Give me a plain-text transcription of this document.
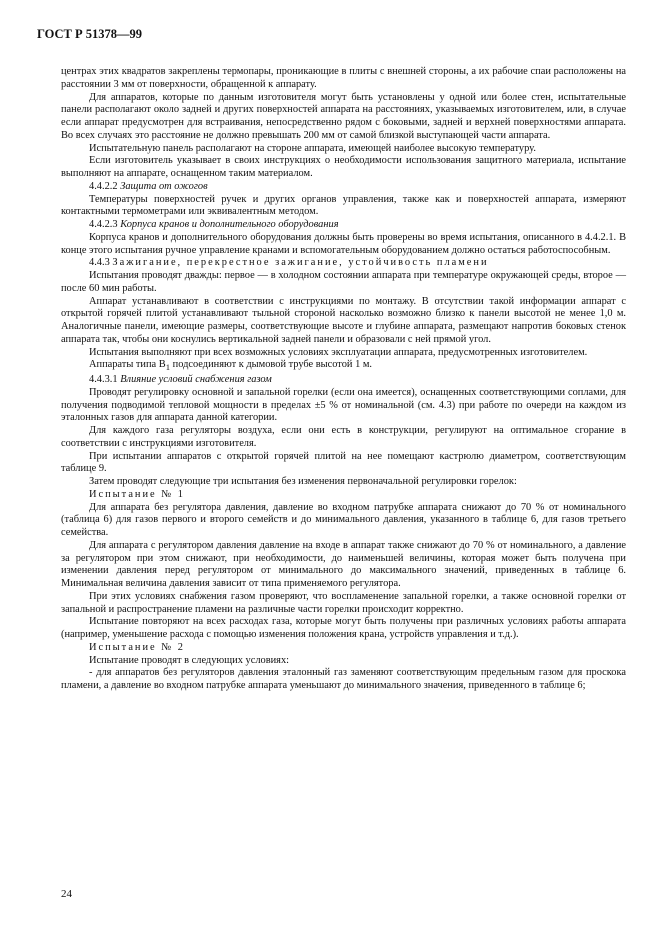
ГОСТ Р 51378—99

центрах этих квадратов закреплены термопары, проникающие в плиты с внешней стороны, а их рабочие спаи расположены на расстоянии 3 мм от поверхности, обращенной к аппарату.

Для аппаратов, которые по данным изготовителя могут быть установлены у одной или более стен, испытательные панели располагают около задней и других поверхностей аппарата на расстояниях, указываемых изготовителем, или, в случае если аппарат предусмотрен для встраивания, непосредственно рядом с боковыми, задней и верхней поверхностями аппарата. Во всех случаях это расстояние не должно превышать 200 мм от самой близкой выступающей части аппарата.

Испытательную панель располагают на стороне аппарата, имеющей наиболее высокую температуру.

Если изготовитель указывает в своих инструкциях о необходимости использования защитного материала, испытание выполняют на аппарате, оснащенном таким материалом.

4.4.2.2 Защита от ожогов

Температуры поверхностей ручек и других органов управления, также как и поверхностей аппарата, измеряют контактными термометрами или эквивалентным методом.

4.4.2.3 Корпуса кранов и дополнительного оборудования

Корпуса кранов и дополнительного оборудования должны быть проверены во время испытания, описанного в 4.4.2.1. В конце этого испытания ручное управление кранами и вспомогательным оборудованием должно остаться работоспособным.

4.4.3 Зажигание, перекрестное зажигание, устойчивость пламени

Испытания проводят дважды: первое — в холодном состоянии аппарата при температуре окружающей среды, второе — после 60 мин работы.

Аппарат устанавливают в соответствии с инструкциями по монтажу. В отсутствии такой информации аппарат с открытой горячей плитой устанавливают тыльной стороной насколько возможно близко к панели высотой не менее 1,0 м. Аналогичные панели, имеющие размеры, соответствующие высоте и глубине аппарата, размещают напротив боковых стенок аппарата так, чтобы они коснулись вертикальной задней панели и образовали с ней прямой угол.

Испытания выполняют при всех возможных условиях эксплуатации аппарата, предусмотренных изготовителем.

Аппараты типа $B_1$ подсоединяют к дымовой трубе высотой 1 м.

4.4.3.1 Влияние условий снабжения газом

Проводят регулировку основной и запальной горелки (если она имеется), оснащенных соответствующими соплами, для получения подводимой тепловой мощности в пределах ±5 % от номинальной (см. 4.3) при работе по очереди на каждом из эталонных газов для аппарата данной категории.

Для каждого газа регуляторы воздуха, если они есть в конструкции, регулируют на оптимальное сгорание в соответствии с инструкциями изготовителя.

При испытании аппаратов с открытой горячей плитой на нее помещают кастрюлю диаметром, соответствующим таблице 9.

Затем проводят следующие три испытания без изменения первоначальной регулировки горелок:

Испытание № 1

Для аппарата без регулятора давления, давление во входном патрубке аппарата снижают до 70 % от номинального (таблица 6) для газов первого и второго семейств и до минимального давления, указанного в таблице 6, для газов третьего семейства.

Для аппарата с регулятором давления давление на входе в аппарат также снижают до 70 % от номинального, а давление за регулятором при этом снижают, при необходимости, до наименьшей величины, которая может быть получена при изменении давления перед регулятором от минимального до максимального значений, приведенных в таблице 6. Минимальная величина давления зависит от типа применяемого регулятора.

При этих условиях снабжения газом проверяют, что воспламенение запальной горелки, а также основной горелки от запальной и распространение пламени на различные части горелки происходит корректно.

Испытание повторяют на всех расходах газа, которые могут быть получены при различных условиях работы аппарата (например, уменьшение расхода с помощью изменения положения крана, устройств управления и т.д.).

Испытание № 2

Испытание проводят в следующих условиях:

- для аппаратов без регуляторов давления эталонный газ заменяют соответствующим предельным газом для проскока пламени, а давление во входном патрубке аппарата уменьшают до минимального значения, приведенного в таблице 6;

24
